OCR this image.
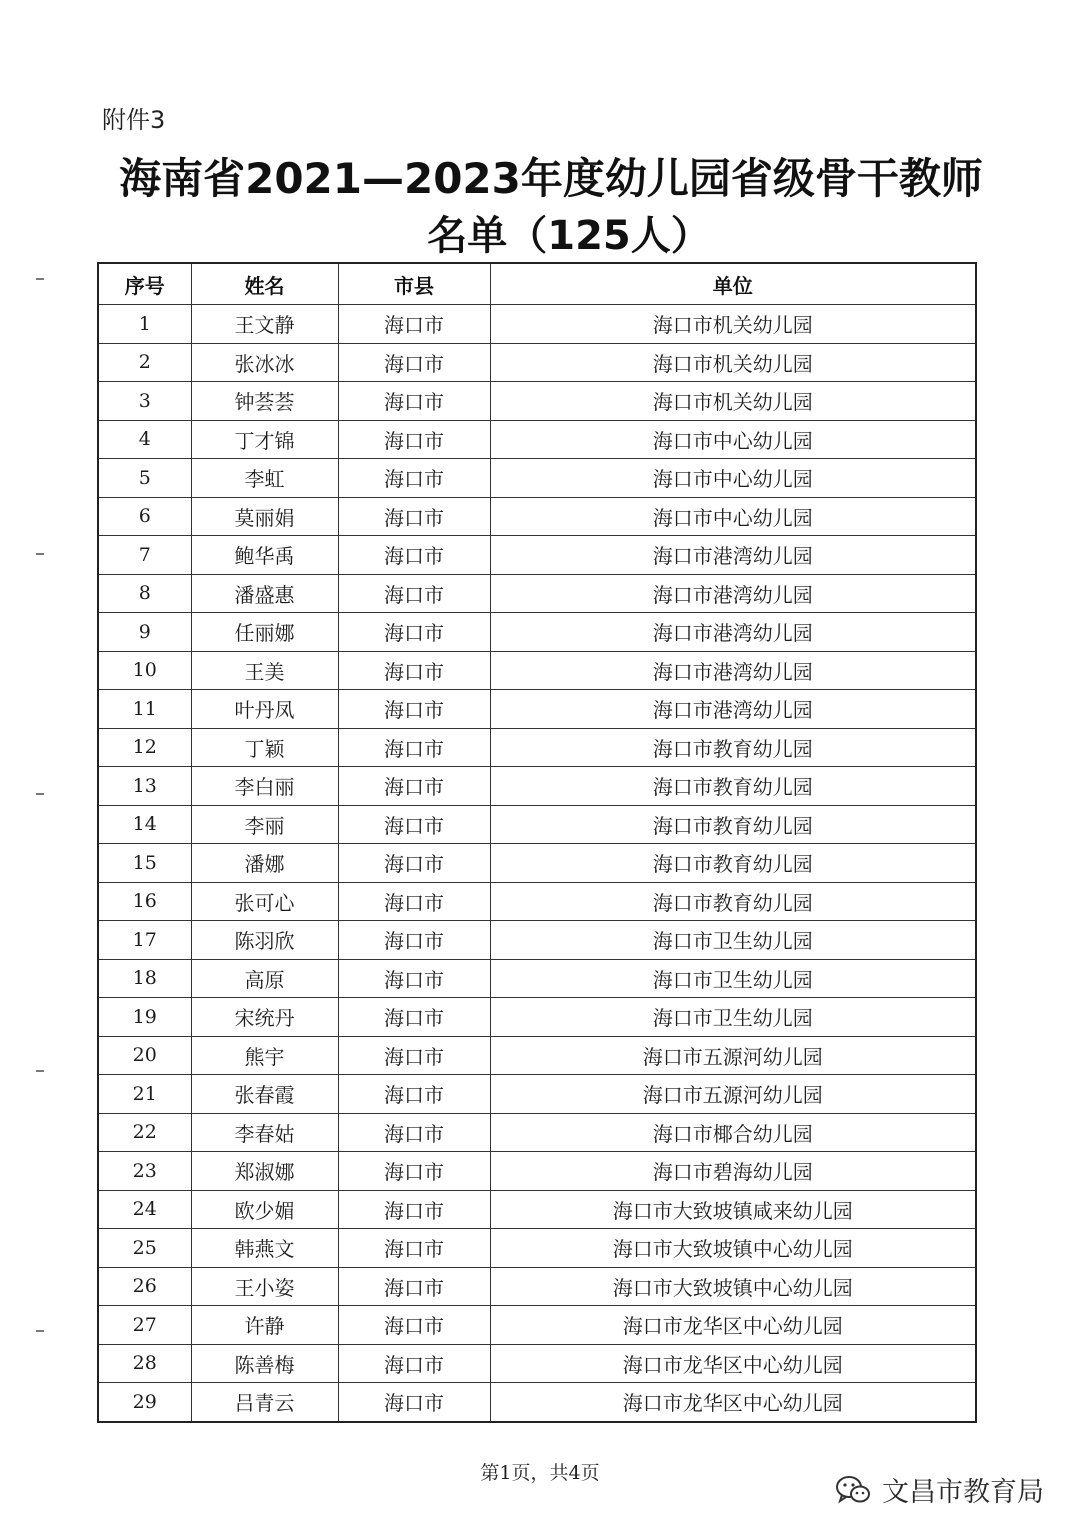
附件3
海南省2021—2023年度幼儿园省级骨干教师
名单（125人）
序号	姓名	市县	单位
1	王文静	海口市	海口市机关幼儿园
2	张冰冰	海口市	海口市机关幼儿园
3	钟荟荟	海口市	海口市机关幼儿园
4	丁才锦	海口市	海口市中心幼儿园
5	李虹	海口市	海口市中心幼儿园
6	莫丽娟	海口市	海口市中心幼儿园
7	鲍华禹	海口市	海口市港湾幼儿园
8	潘盛惠	海口市	海口市港湾幼儿园
9	任丽娜	海口市	海口市港湾幼儿园
10	王美	海口市	海口市港湾幼儿园
11	叶丹凤	海口市	海口市港湾幼儿园
12	丁颖	海口市	海口市教育幼儿园
13	李白丽	海口市	海口市教育幼儿园
14	李丽	海口市	海口市教育幼儿园
15	潘娜	海口市	海口市教育幼儿园
16	张可心	海口市	海口市教育幼儿园
17	陈羽欣	海口市	海口市卫生幼儿园
18	高原	海口市	海口市卫生幼儿园
19	宋统丹	海口市	海口市卫生幼儿园
20	熊宇	海口市	海口市五源河幼儿园
21	张春霞	海口市	海口市五源河幼儿园
22	李春姑	海口市	海口市椰合幼儿园
23	郑淑娜	海口市	海口市碧海幼儿园
24	欧少媚	海口市	海口市大致坡镇咸来幼儿园
25	韩燕文	海口市	海口市大致坡镇中心幼儿园
26	王小姿	海口市	海口市大致坡镇中心幼儿园
27	许静	海口市	海口市龙华区中心幼儿园
28	陈善梅	海口市	海口市龙华区中心幼儿园
29	吕青云	海口市	海口市龙华区中心幼儿园
第1页，共4页
文昌市教育局
